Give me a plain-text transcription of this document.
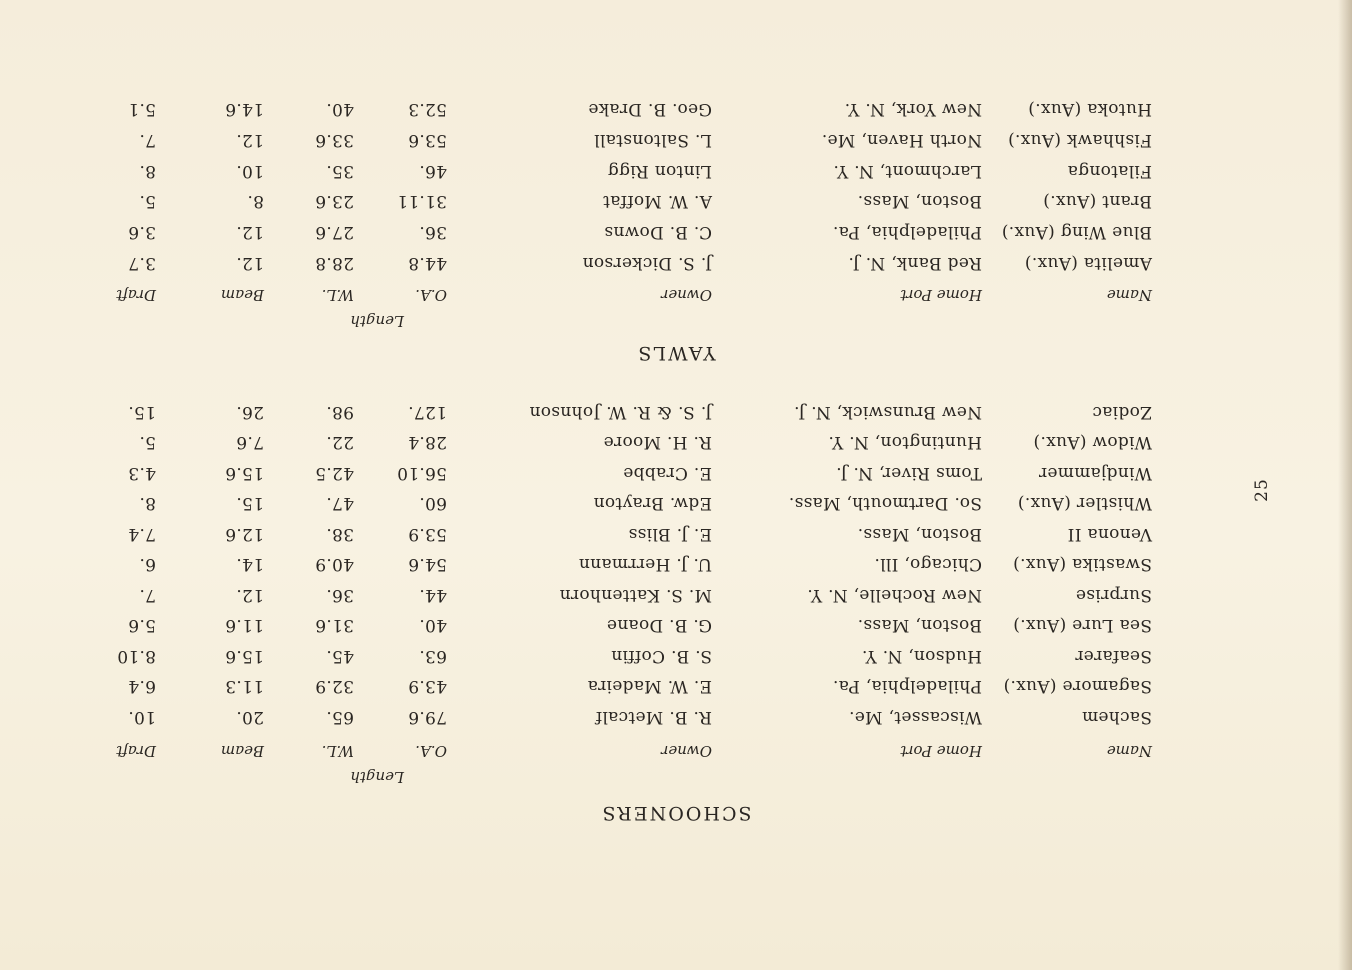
25
SCHOONERS
Length
Name
Home Port
Owner
O.A.
W.L.
Beam
Draft
Sachem
Wiscasset, Me.
R. B. Metcalf
79.6
65.
20.
10.
Sagamore (Aux.)
Philadelphia, Pa.
E. W. Madeira
43.9
32.9
11.3
6.4
Seafarer
Hudson, N. Y.
S. B. Coffin
63.
45.
15.6
8.10
Sea Lure (Aux.)
Boston, Mass.
G. B. Doane
40.
31.6
11.6
5.6
Surprise
New Rochelle, N. Y.
M. S. Kattenhorn
44.
36.
12.
7.
Swastika (Aux.)
Chicago, Ill.
U. J. Herrmann
54.6
40.9
14.
6.
Venona II
Boston, Mass.
E. J. Bliss
53.9
38.
12.6
7.4
Whistler (Aux.)
So. Dartmouth, Mass.
Edw. Brayton
60.
47.
15.
8.
Windjammer
Toms River, N. J.
E. Crabbe
56.10
42.5
15.6
4.3
Widow (Aux.)
Huntington, N. Y.
R. H. Moore
28.4
22.
7.6
5.
Zodiac
New Brunswick, N. J.
J. S. & R. W. Johnson
127.
98.
26.
15.
YAWLS
Length
Name
Home Port
Owner
O.A.
W.L.
Beam
Draft
Amelita (Aux.)
Red Bank, N. J.
J. S. Dickerson
44.8
28.8
12.
3.7
Blue Wing (Aux.)
Philadelphia, Pa.
C. B. Downs
36.
27.6
12.
3.6
Brant (Aux.)
Boston, Mass.
A. W. Moffat
31.11
23.6
8.
5.
Filatonga
Larchmont, N. Y.
Linton Rigg
46.
35.
10.
8.
Fishhawk (Aux.)
North Haven, Me.
L. Saltonstall
53.6
33.6
12.
7.
Hutoka (Aux.)
New York, N. Y.
Geo. B. Drake
52.3
40.
14.6
5.1
